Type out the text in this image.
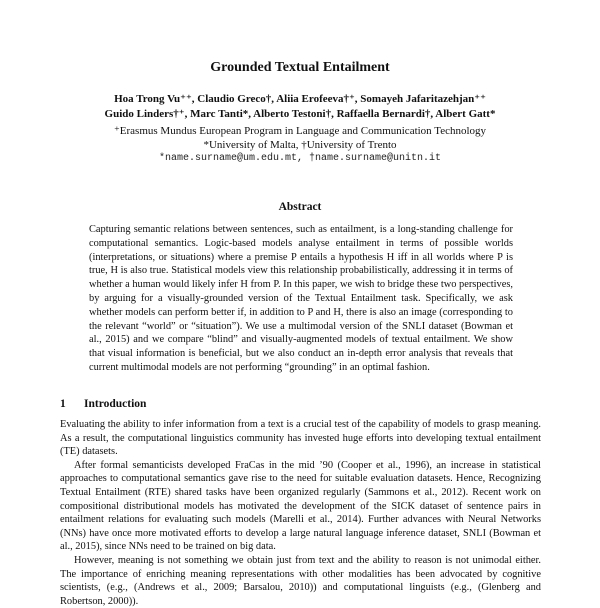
Grounded Textual Entailment
Hoa Trong Vu⁺⁺, Claudio Greco†, Aliia Erofeeva†⁺, Somayeh Jafaritazehjan⁺⁺
Guido Linders†⁺, Marc Tanti*, Alberto Testoni†, Raffaella Bernardi†, Albert Gatt*
⁺Erasmus Mundus European Program in Language and Communication Technology
*University of Malta, †University of Trento
*name.surname@um.edu.mt, †name.surname@unitn.it
Abstract
Capturing semantic relations between sentences, such as entailment, is a long-standing challenge for computational semantics. Logic-based models analyse entailment in terms of possible worlds (interpretations, or situations) where a premise P entails a hypothesis H iff in all worlds where P is true, H is also true. Statistical models view this relationship probabilistically, addressing it in terms of whether a human would likely infer H from P. In this paper, we wish to bridge these two perspectives, by arguing for a visually-grounded version of the Textual Entailment task. Specifically, we ask whether models can perform better if, in addition to P and H, there is also an image (corresponding to the relevant “world” or “situation”). We use a multimodal version of the SNLI dataset (Bowman et al., 2015) and we compare “blind” and visually-augmented models of textual entailment. We show that visual information is beneficial, but we also conduct an in-depth error analysis that reveals that current multimodal models are not performing “grounding” in an optimal fashion.
1 Introduction

Evaluating the ability to infer information from a text is a crucial test of the capability of models to grasp meaning. As a result, the computational linguistics community has invested huge efforts into developing textual entailment (TE) datasets.

After formal semanticists developed FraCas in the mid ’90 (Cooper et al., 1996), an increase in statistical approaches to computational semantics gave rise to the need for suitable evaluation datasets. Hence, Recognizing Textual Entailment (RTE) shared tasks have been organized regularly (Sammons et al., 2012). Recent work on compositional distributional models has motivated the development of the SICK dataset of sentence pairs in entailment relations for evaluating such models (Marelli et al., 2014). Further advances with Neural Networks (NNs) have once more motivated efforts to develop a large natural language inference dataset, SNLI (Bowman et al., 2015), since NNs need to be trained on big data.

However, meaning is not something we obtain just from text and the ability to reason is not unimodal either. The importance of enriching meaning representations with other modalities has been advocated by cognitive scientists, (e.g., (Andrews et al., 2009; Barsalou, 2010)) and computational linguists (e.g., (Glenberg and Robertson, 2000)).
